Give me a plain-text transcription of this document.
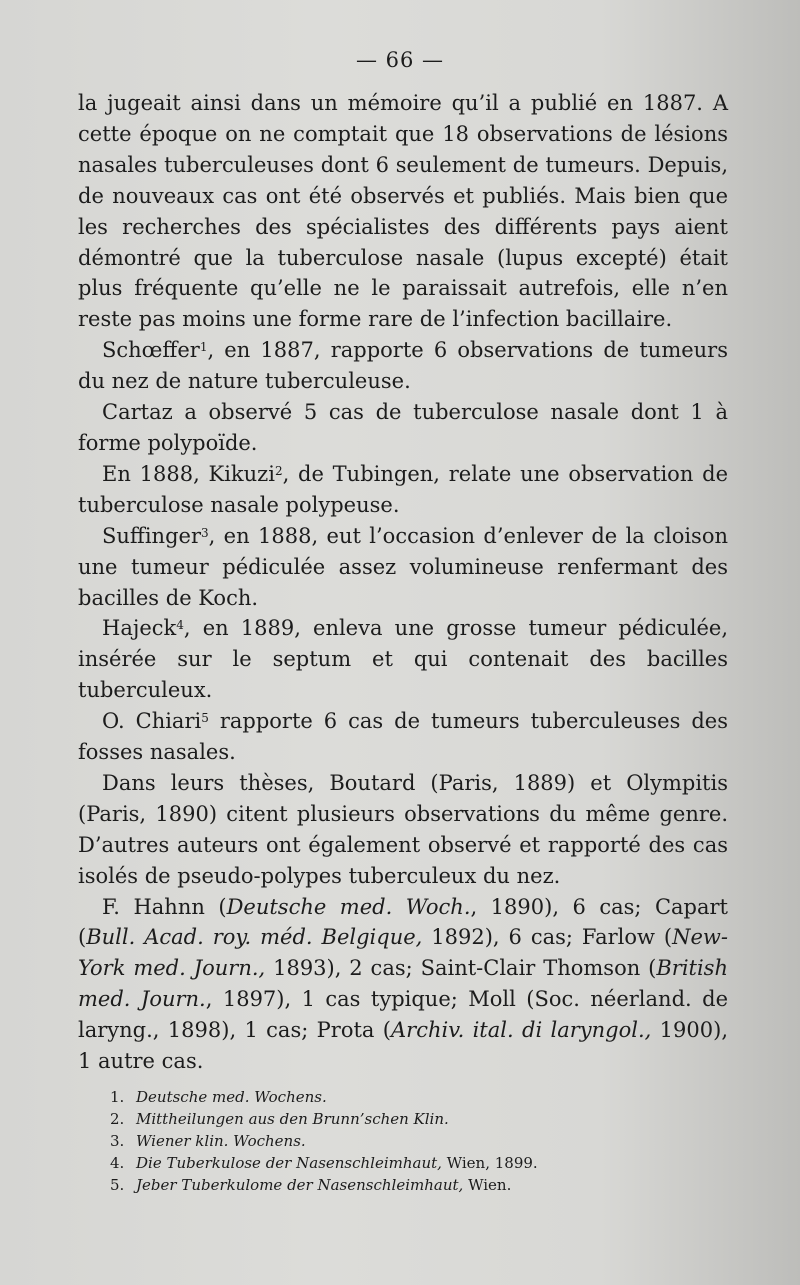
— 66 —

la jugeait ainsi dans un mémoire qu’il a publié en 1887. A cette époque on ne comptait que 18 observations de lésions nasales tuberculeuses dont 6 seulement de tumeurs. Depuis, de nouveaux cas ont été observés et publiés. Mais bien que les recherches des spécialistes des différents pays aient démontré que la tuberculose nasale (lupus excepté) était plus fréquente qu’elle ne le paraissait autrefois, elle n’en reste pas moins une forme rare de l’infection bacillaire.

Schœffer$^1$, en 1887, rapporte 6 observations de tumeurs du nez de nature tuberculeuse.

Cartaz a observé 5 cas de tuberculose nasale dont 1 à forme polypoïde.

En 1888, Kikuzi$^2$, de Tubingen, relate une observation de tuberculose nasale polypeuse.

Suffinger$^3$, en 1888, eut l’occasion d’enlever de la cloison une tumeur pédiculée assez volumineuse renfermant des bacilles de Koch.

Hajeck$^4$, en 1889, enleva une grosse tumeur pédiculée, insérée sur le septum et qui contenait des bacilles tuberculeux.

O. Chiari$^5$ rapporte 6 cas de tumeurs tuberculeuses des fosses nasales.

Dans leurs thèses, Boutard (Paris, 1889) et Olympitis (Paris, 1890) citent plusieurs observations du même genre. D’autres auteurs ont également observé et rapporté des cas isolés de pseudo-polypes tuberculeux du nez.

F. Hahnn (Deutsche med. Woch., 1890), 6 cas; Capart (Bull. Acad. roy. méd. Belgique, 1892), 6 cas; Farlow (New-York med. Journ., 1893), 2 cas; Saint-Clair Thomson (British med. Journ., 1897), 1 cas typique; Moll (Soc. néerland. de laryng., 1898), 1 cas; Prota (Archiv. ital. di laryngol., 1900), 1 autre cas.

1. Deutsche med. Wochens.
2. Mittheilungen aus den Brunn’schen Klin.
3. Wiener klin. Wochens.
4. Die Tuberkulose der Nasenschleimhaut, Wien, 1899.
5. Jeber Tuberkulome der Nasenschleimhaut, Wien.
